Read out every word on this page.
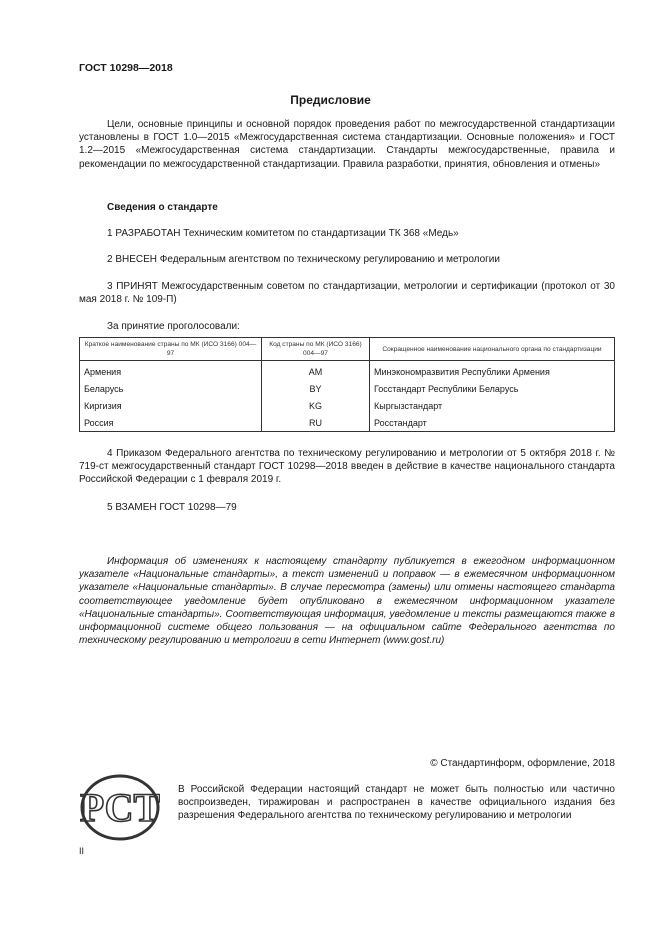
ГОСТ 10298—2018
Предисловие
Цели, основные принципы и основной порядок проведения работ по межгосударственной стандартизации установлены в ГОСТ 1.0—2015 «Межгосударственная система стандартизации. Основные положения» и ГОСТ 1.2—2015 «Межгосударственная система стандартизации. Стандарты межгосударственные, правила и рекомендации по межгосударственной стандартизации. Правила разработки, принятия, обновления и отмены»
Сведения о стандарте
1 РАЗРАБОТАН Техническим комитетом по стандартизации ТК 368 «Медь»
2 ВНЕСЕН Федеральным агентством по техническому регулированию и метрологии
3 ПРИНЯТ Межгосударственным советом по стандартизации, метрологии и сертификации (протокол от 30 мая 2018 г. № 109-П)
За принятие проголосовали:
Краткое наименование страны по МК (ИСО 3166) 004—97	Код страны по МК (ИСО 3166) 004—97	Сокращенное наименование национального органа по стандартизации
Армения	AM	Минэкономразвития Республики Армения
Беларусь	BY	Госстандарт Республики Беларусь
Киргизия	KG	Кыргызстандарт
Россия	RU	Росстандарт
4 Приказом Федерального агентства по техническому регулированию и метрологии от 5 октября 2018 г. № 719-ст межгосударственный стандарт ГОСТ 10298—2018 введен в действие в качестве национального стандарта Российской Федерации с 1 февраля 2019 г.
5 ВЗАМЕН ГОСТ 10298—79
Информация об изменениях к настоящему стандарту публикуется в ежегодном информационном указателе «Национальные стандарты», а текст изменений и поправок — в ежемесячном информационном указателе «Национальные стандарты». В случае пересмотра (замены) или отмены настоящего стандарта соответствующее уведомление будет опубликовано в ежемесячном информационном указателе «Национальные стандарты». Соответствующая информация, уведомление и тексты размещаются также в информационной системе общего пользования — на официальном сайте Федерального агентства по техническому регулированию и метрологии в сети Интернет (www.gost.ru)
© Стандартинформ, оформление, 2018
РСТ В Российской Федерации настоящий стандарт не может быть полностью или частично воспроизведен, тиражирован и распространен в качестве официального издания без разрешения Федерального агентства по техническому регулированию и метрологии
II
